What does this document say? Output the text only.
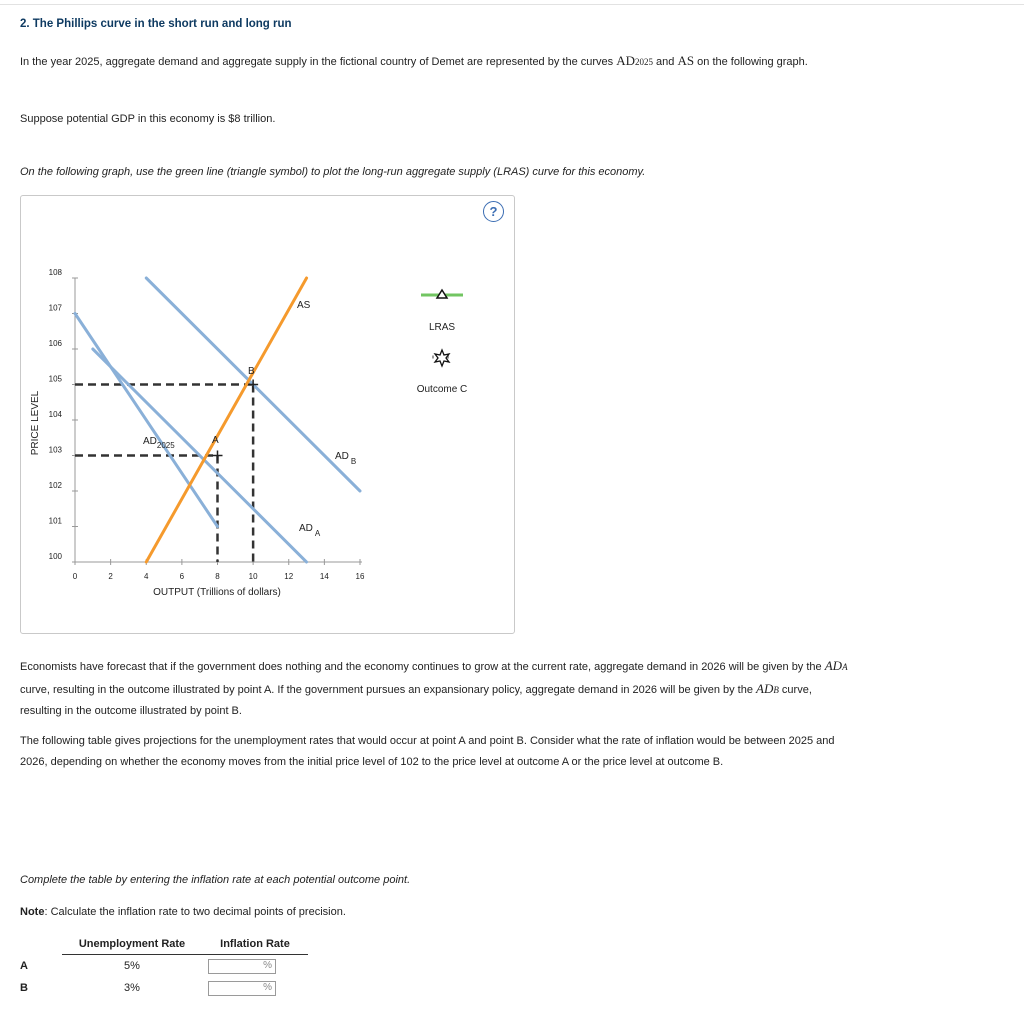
2. The Phillips curve in the short run and long run
In the year 2025, aggregate demand and aggregate supply in the fictional country of Demet are represented by the curves AD2025 and AS on the following graph.
Suppose potential GDP in this economy is $8 trillion.
On the following graph, use the green line (triangle symbol) to plot the long-run aggregate supply (LRAS) curve for this economy.
?
100
101
102
103
104
105
106
107
108
0	2	4	6	8	10	12	14	16
PRICE LEVEL
OUTPUT (Trillions of dollars)
AS
$AD_{2025}$
AD $_A$
AD $_B$
A
B
LRAS
Outcome C
Economists have forecast that if the government does nothing and the economy continues to grow at the current rate, aggregate demand in 2026 will be given by the ADA curve, resulting in the outcome illustrated by point A. If the government pursues an expansionary policy, aggregate demand in 2026 will be given by the ADB curve, resulting in the outcome illustrated by point B.
The following table gives projections for the unemployment rates that would occur at point A and point B. Consider what the rate of inflation would be between 2025 and 2026, depending on whether the economy moves from the initial price level of 102 to the price level at outcome A or the price level at outcome B.
Complete the table by entering the inflation rate at each potential outcome point.
Note: Calculate the inflation rate to two decimal points of precision.
	Unemployment Rate	Inflation Rate
A	5%	%

B	3%	%
